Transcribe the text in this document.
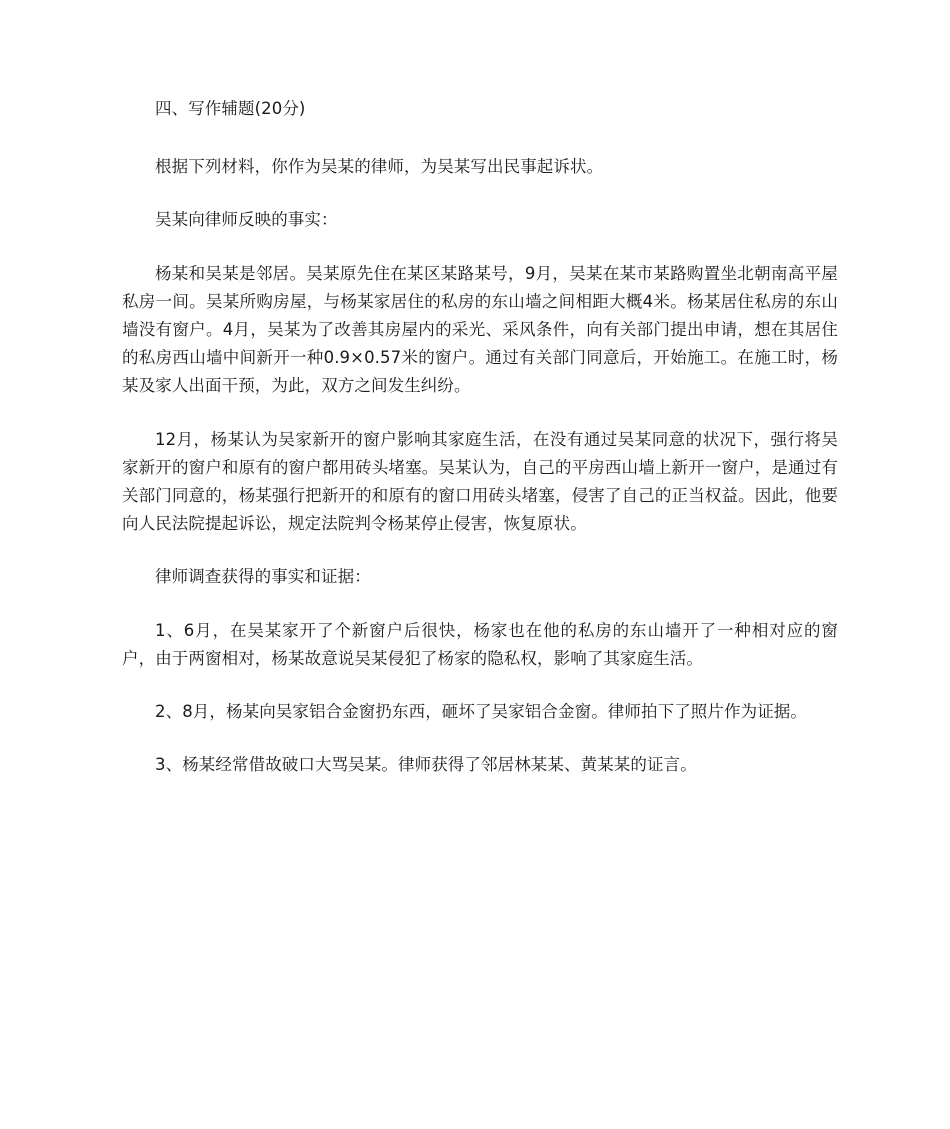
四、写作辅题(20分)

根据下列材料，你作为吴某的律师，为吴某写出民事起诉状。

吴某向律师反映的事实：

杨某和吴某是邻居。吴某原先住在某区某路某号，9月，吴某在某市某路购置坐北朝南高平屋私房一间。吴某所购房屋，与杨某家居住的私房的东山墙之间相距大概4米。杨某居住私房的东山墙没有窗户。4月，吴某为了改善其房屋内的采光、采风条件，向有关部门提出申请，想在其居住的私房西山墙中间新开一种0.9×0.57米的窗户。通过有关部门同意后，开始施工。在施工时，杨某及家人出面干预，为此，双方之间发生纠纷。

12月，杨某认为吴家新开的窗户影响其家庭生活，在没有通过吴某同意的状况下，强行将吴家新开的窗户和原有的窗户都用砖头堵塞。吴某认为，自己的平房西山墙上新开一窗户，是通过有关部门同意的，杨某强行把新开的和原有的窗口用砖头堵塞，侵害了自己的正当权益。因此，他要向人民法院提起诉讼，规定法院判令杨某停止侵害，恢复原状。

律师调查获得的事实和证据：

1、6月，在吴某家开了个新窗户后很快，杨家也在他的私房的东山墙开了一种相对应的窗户，由于两窗相对，杨某故意说吴某侵犯了杨家的隐私权，影响了其家庭生活。

2、8月，杨某向吴家铝合金窗扔东西，砸坏了吴家铝合金窗。律师拍下了照片作为证据。

3、杨某经常借故破口大骂吴某。律师获得了邻居林某某、黄某某的证言。
